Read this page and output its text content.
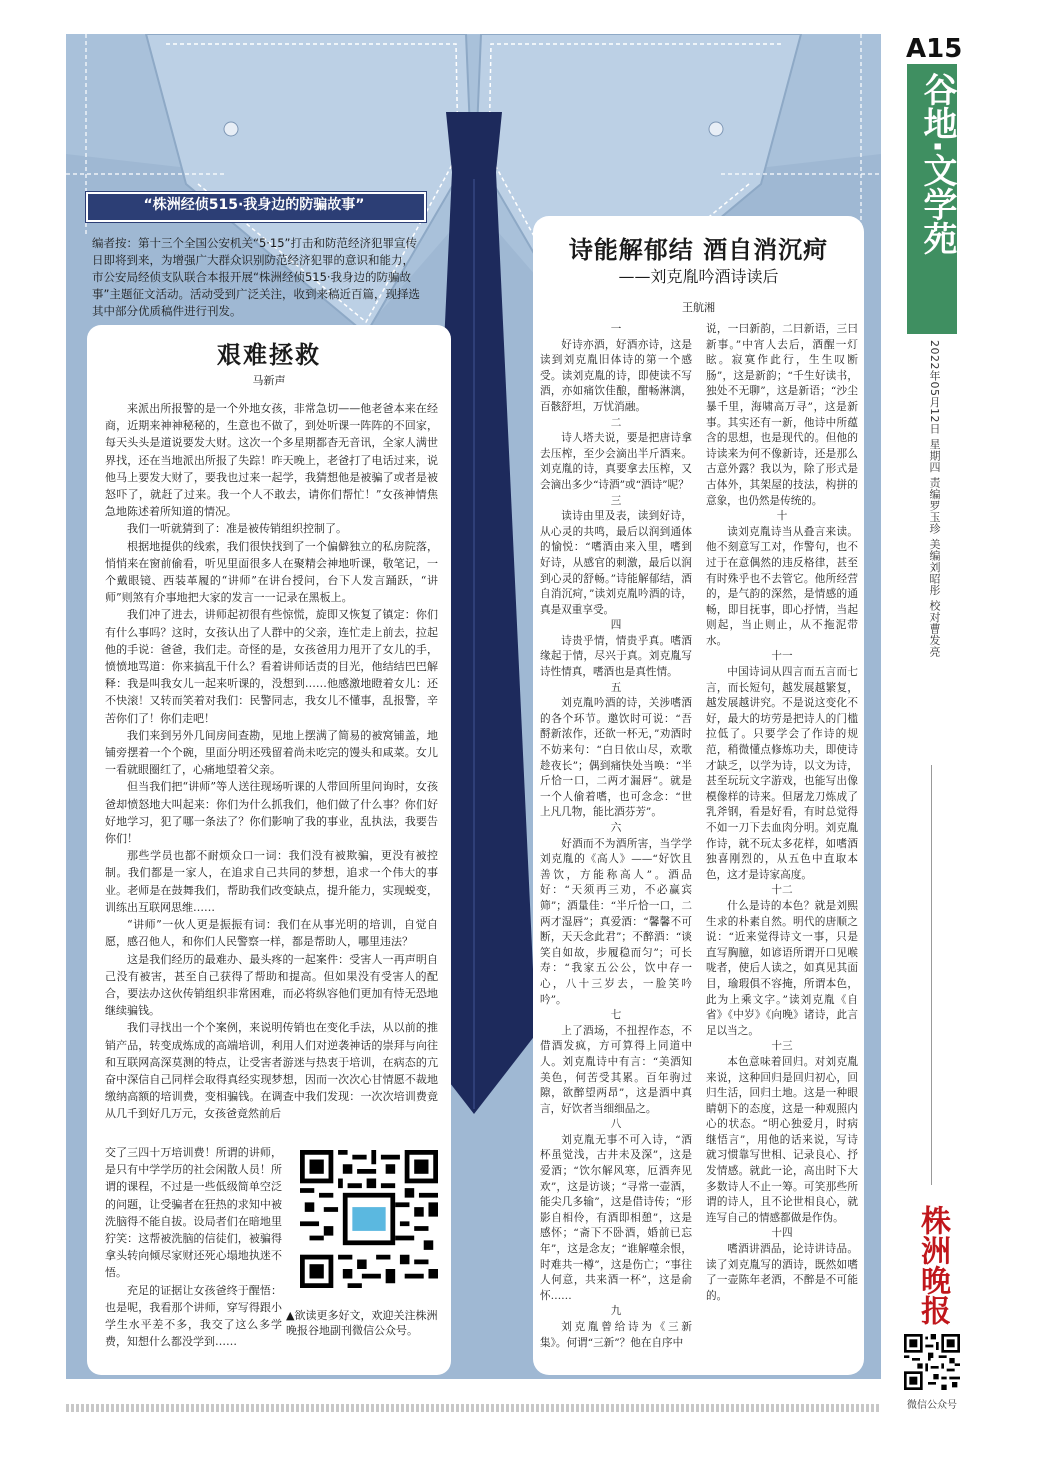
A15
谷地·文学苑
2022年05月12日 星期四 责编罗玉珍 美编刘昭彤 校对曹发亮
株洲晚报
微信公众号
“株洲经侦515·我身边的防骗故事”

编者按：第十三个全国公安机关“5·15”打击和防范经济犯罪宣传日即将到来，为增强广大群众识别防范经济犯罪的意识和能力，市公安局经侦支队联合本报开展“株洲经侦515·我身边的防骗故事”主题征文活动。活动受到广泛关注，收到来稿近百篇，现择选其中部分优质稿件进行刊发。

艰难拯救
马新声

来派出所报警的是一个外地女孩，非常急切——他老爸本来在经商，近期来神神秘秘的，生意也不做了，到处听课一阵阵的不回家，每天头头是道说要发大财。这次一个多星期都杳无音讯，全家人满世界找，还在当地派出所报了失踪！昨天晚上，老爸打了电话过来，说他马上要发大财了，要我也过来一起学，我猜想他是被骗了或者是被怒吓了，就赶了过来。我一个人不敢去，请你们帮忙！”女孩神情焦急地陈述着所知道的情况。

我们一听就猜到了：准是被传销组织控制了。

根据地提供的线索，我们很快找到了一个偏僻独立的私房院落，悄悄来在窗前偷看，听见里面很多人在聚精会神地听课，敬笔记，一个戴眼镜、西装革履的“讲师”在讲台授问，台下人发言踊跃，“讲师”则煞有介事地把大家的发言一一记录在黑板上。

我们冲了进去，讲师起初很有些惊慌，旋即又恢复了镇定：你们有什么事吗？这时，女孩认出了人群中的父亲，连忙走上前去，拉起他的手说：爸爸，我们走。奇怪的是，女孩爸用力甩开了女儿的手，愤愤地骂道：你来搞乱干什么？看着讲师话责的目光，他结结巴巴解释：我是叫我女儿一起来听课的，没想到……他感激地瞪着女儿：还不快滚！又转而笑着对我们：民警同志，我女儿不懂事，乱报警，辛苦你们了！你们走吧！

我们来到另外几间房间查勘，见地上摆满了简易的被窝铺盖，地铺旁摆着一个个碗，里面分明还残留着尚未吃完的馒头和咸菜。女儿一看就眼圈红了，心痛地望着父亲。

但当我们把“讲师”等人送往现场听课的人带回所里问询时，女孩爸却愤怒地大叫起来：你们为什么抓我们，他们做了什么事？你们好好地学习，犯了哪一条法了？你们影响了我的事业，乱执法，我要告你们！

那些学员也都不耐烦众口一词：我们没有被欺骗，更没有被控制。我们都是一家人，在追求自己共同的梦想，追求一个伟大的事业。老师是在鼓舞我们，帮助我们改变缺点，提升能力，实现蜕变，训练出互联网思维……

“讲师”一伙人更是振振有词：我们在从事光明的培训，自觉自愿，感召他人，和你们人民警察一样，都是帮助人，哪里违法？

这是我们经历的最难办、最头疼的一起案件：受害人一再声明自己没有被害，甚至自己获得了帮助和提高。但如果没有受害人的配合，要法办这伙传销组织非常困难，而必将纵容他们更加有恃无恐地继续骗钱。

我们寻找出一个个案例，来说明传销也在变化手法，从以前的推销产品，转变成炼成的高端培训，利用人们对逆袭神话的崇拜与向往和互联网高深莫测的特点，让受害者游迷与热衷于培训，在病态的亢奋中深信自己同样会取得真经实现梦想，因而一次次心甘情愿不裁地缴纳高额的培训费，变相骗钱。在调查中我们发现：一次次培训费竟从几千到好几万元，女孩爸竟然前后

交了三四十万培训费！所谓的讲师，是只有中学学历的社会闲散人员！所谓的课程，不过是一些低级简单空泛的问题，让受骗者在狂热的求知中被洗脑得不能自拔。设局者们在暗地里狞笑：这帮被洗脑的信徒们，被骗得拿头转向倾尽家财还死心塌地执迷不悟。

充足的证据让女孩爸终于醒悟：也是呢，我看那个讲师，穿写得跟小学生水平差不多，我交了这么多学费，知想什么都没学到……

▲欲读更多好文，欢迎关注株洲晚报谷地副刊微信公众号。
诗能解郁结 酒自消沉疴
——刘克胤吟酒诗读后
王航湘

一

好诗亦酒，好酒亦诗，这是读到刘克胤旧体诗的第一个感受。读刘克胤的诗，即使读不写酒，亦如痛饮佳酿，酣畅淋漓，百骸舒坦，万忧消融。

二

诗人塔夫说，要是把唐诗拿去压榨，至少会滴出半斤酒来。刘克胤的诗，真要拿去压榨，又会滴出多少“诗酒”或“酒诗”呢？

三

读诗由里及表，读到好诗，从心灵的共鸣，最后以润到通体的愉悦：“嗜酒由来入里，嗜到好诗，从感官的刺激，最后以润到心灵的舒畅。”诗能解郁结，酒自消沉疴，”读刘克胤吟酒的诗，真是双重享受。

四

诗贵乎情，情贵乎真。嗜酒缘起于情，尽兴于真。刘克胤写诗性情真，嗜酒也是真性情。

五

刘克胤吟酒的诗，关涉嗜酒的各个环节。邀饮时可说：“吾酹新浓作，还欲一杯无，”劝酒时不妨来句：“白日依山尽，欢歌趁夜长”；偶到痛快处当唤：“半斤恰一口，二两才漏唇”。就是一个人偷着嗜，也可念念：“世上凡几物，能比酒芬芳”。

六

好酒而不为酒所害，当学学刘克胤的《高人》——“好饮且善饮，方能称高人”。酒品好：“天须再三劝，不必赢宾筛”；酒量佳：“半斤恰一口，二两才湿唇”；真爱酒：“馨馨不可断，天天念此君”；不醉酒：“谈笑自如故，步履稳而匀”；可长寿：“我家五公公，饮中存一心，八十三岁去，一脸笑吟吟”。

七

上了酒场，不扭捏作态，不借酒发疯，方可算得上同道中人。刘克胤诗中有言：“美酒知美色，何苦受其累。百年驹过隙，欲醉望两昂”，这是酒中真言，好饮者当细细品之。

八

刘克胤无事不可入诗，“酒杯虽觉浅，古井未及深”，这是爱酒；“饮尔解风寒，厄酒奔见欢”，这是访谈；“寻常一壶酒，能尖几多输”，这是借诗传；“形影自相伶，有酒即相憩”，这是感怀；“斋下不卧酒，婚前已忘年”，这是念友；“谁解噬余恨，时难共一樽”，这是伤亡；“事往人何意，共来酒一杯”，这是俞怀……

九

刘克胤曾给诗为《三新集》。何谓“三新”？他在自序中

说，一曰新韵，二曰新语，三曰新事。”中宵人去后，酒醒一灯眩。寂寞作此行，生生叹断肠”，这是新韵；“千生好读书，独处不无聊”，这是新语；“沙尘暴千里，海啸高万寻”，这是新事。其实还有一新，他诗中所蕴含的思想，也是现代的。但他的诗读来为何不像新诗，还是那么古意外露？我以为，除了形式是古体外，其架屋的技法，构拼的意象，也仍然是传统的。

十

读刘克胤诗当从叠言来读。他不刻意写工对，作警句，也不过于在意偶然的违反格律，甚至有时殊乎也不去管它。他所经营的，是气韵的深然，是情感的通畅，即目抚事，即心抒情，当起则起，当止则止，从不拖泥带水。

十一

中国诗词从四言而五言而七言，而长短句，越发展越繁复，越发展越讲究。不是说这变化不好，最大的坊劳是把诗人的门槛拉低了。只要学会了作诗的规范，稍微懂点修炼功夫，即使诗才缺乏，以学为诗，以文为诗，甚至玩玩文字游戏，也能写出像模像样的诗来。但屠龙刀炼成了乳斧钢，看是好看，有时总觉得不如一刀下去血肉分明。刘克胤作诗，就不玩太多花样，如嗜酒独喜刚烈的，从五色中直取本色，这才是诗家高度。

十二

什么是诗的本色？就是刘熙生求的朴素自然。明代的唐顺之说：“近来觉得诗文一事，只是直写胸臆，如谚语所谓开口见喉咙者，使后人读之，如真见其面目，瑜瑕俱不容掩，所谓本色，此为上乘文字。”读刘克胤《自省》《中岁》《向晚》诸诗，此言足以当之。

十三

本色意味着回归。对刘克胤来说，这种回归是回归初心，回归生活，回归土地。这是一种眼睛朝下的态度，这是一种观照内心的状态。“明心独爱月，时病继悟言”，用他的话来说，写诗就习惯靠写世相、记录良心、抒发情感。就此一论，高出时下大多数诗人不止一筹。可笑那些所谓的诗人，且不论世相良心，就连写自己的情感都做是作伪。

十四

嗜酒讲酒品，论诗讲诗品。读了刘克胤写的酒诗，既然如嗜了一壶陈年老酒，不醉是不可能的。
